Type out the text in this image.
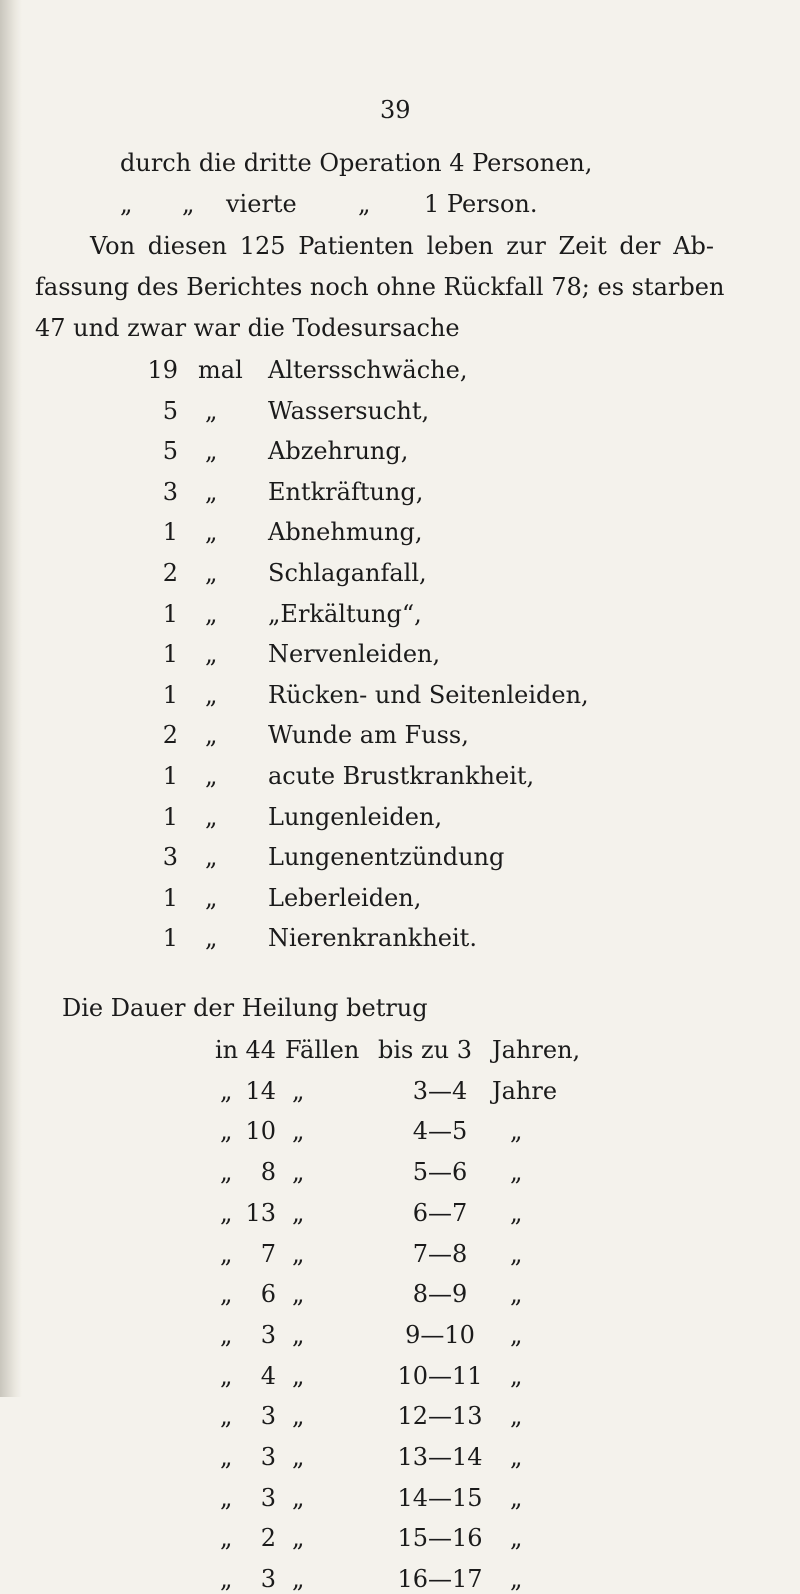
39
durch die dritte Operation 4 Personen,
„ „ vierte	„ 1 Person.
Von diesen 125 Patienten leben zur Zeit der Ab-
fassung des Berichtes noch ohne Rückfall 78; es starben
47 und zwar war die Todesursache
19 mal Altersschwäche,
5 „ Wassersucht,
5 „ Abzehrung,
3 „ Entkräftung,
1 „ Abnehmung,
2 „ Schlaganfall,
1 „ „Erkältung“,
1 „ Nervenleiden,
1 „ Rücken- und Seitenleiden,
2 „ Wunde am Fuss,
1 „ acute Brustkrankheit,
1 „ Lungenleiden,
3 „ Lungenentzündung
1 „ Leberleiden,
1 „ Nierenkrankheit.
Die Dauer der Heilung betrug
in 44 Fällen bis zu 3 Jahren,
„ 14 „	3—4	Jahre
„ 10 „	4—5	„
„	8 „	5—6	„
„ 13 „	6—7	„
„	7 „	7—8	„
„	6 „	8—9	„
„	3 „	9—10	„
„	4 „	10—11 „
„	3 „	12—13 „
„	3 „	13—14 „
„	3 „	14—15 „
„	2 „	15—16 „
„	3 „	16—17 „
